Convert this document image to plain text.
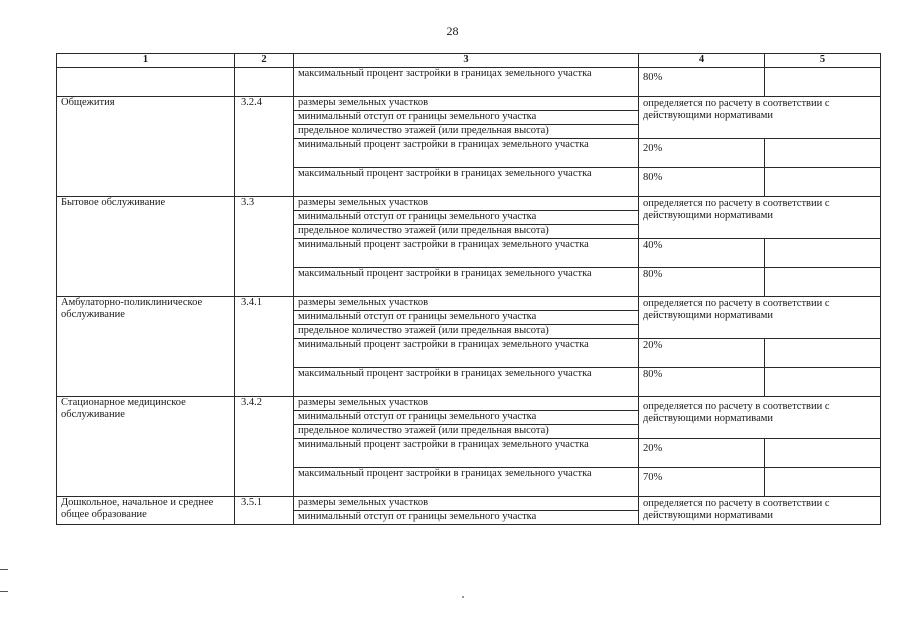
28
1	2	3	4	5
		максимальный процент застройки в границах земельного участка	80%	
Общежития	3.2.4	размеры земельных участков	определяется по расчету в соответствии с действующими нормативами	
		минимальный отступ от границы земельного участка		
		предельное количество этажей (или предельная высота)		
		минимальный процент застройки в границах земельного участка	20%	
		максимальный процент застройки в границах земельного участка	80%	
Бытовое обслуживание	3.3	размеры земельных участков	определяется по расчету в соответствии с действующими нормативами	
		минимальный отступ от границы земельного участка		
		предельное количество этажей (или предельная высота)		
		минимальный процент застройки в границах земельного участка	40%	
		максимальный процент застройки в границах земельного участка	80%	
Амбулаторно-поликлиническое обслуживание	3.4.1	размеры земельных участков	определяется по расчету в соответствии с действующими нормативами	
		минимальный отступ от границы земельного участка		
		предельное количество этажей (или предельная высота)		
		минимальный процент застройки в границах земельного участка	20%	
		максимальный процент застройки в границах земельного участка	80%	
Стационарное медицинское обслуживание	3.4.2	размеры земельных участков	определяется по расчету в соответствии с действующими нормативами	
		минимальный отступ от границы земельного участка		
		предельное количество этажей (или предельная высота)		
		минимальный процент застройки в границах земельного участка	20%	
		максимальный процент застройки в границах земельного участка	70%	
Дошкольное, начальное и среднее общее образование	3.5.1	размеры земельных участков	определяется по расчету в соответствии с действующими нормативами	
		минимальный отступ от границы земельного участка		
